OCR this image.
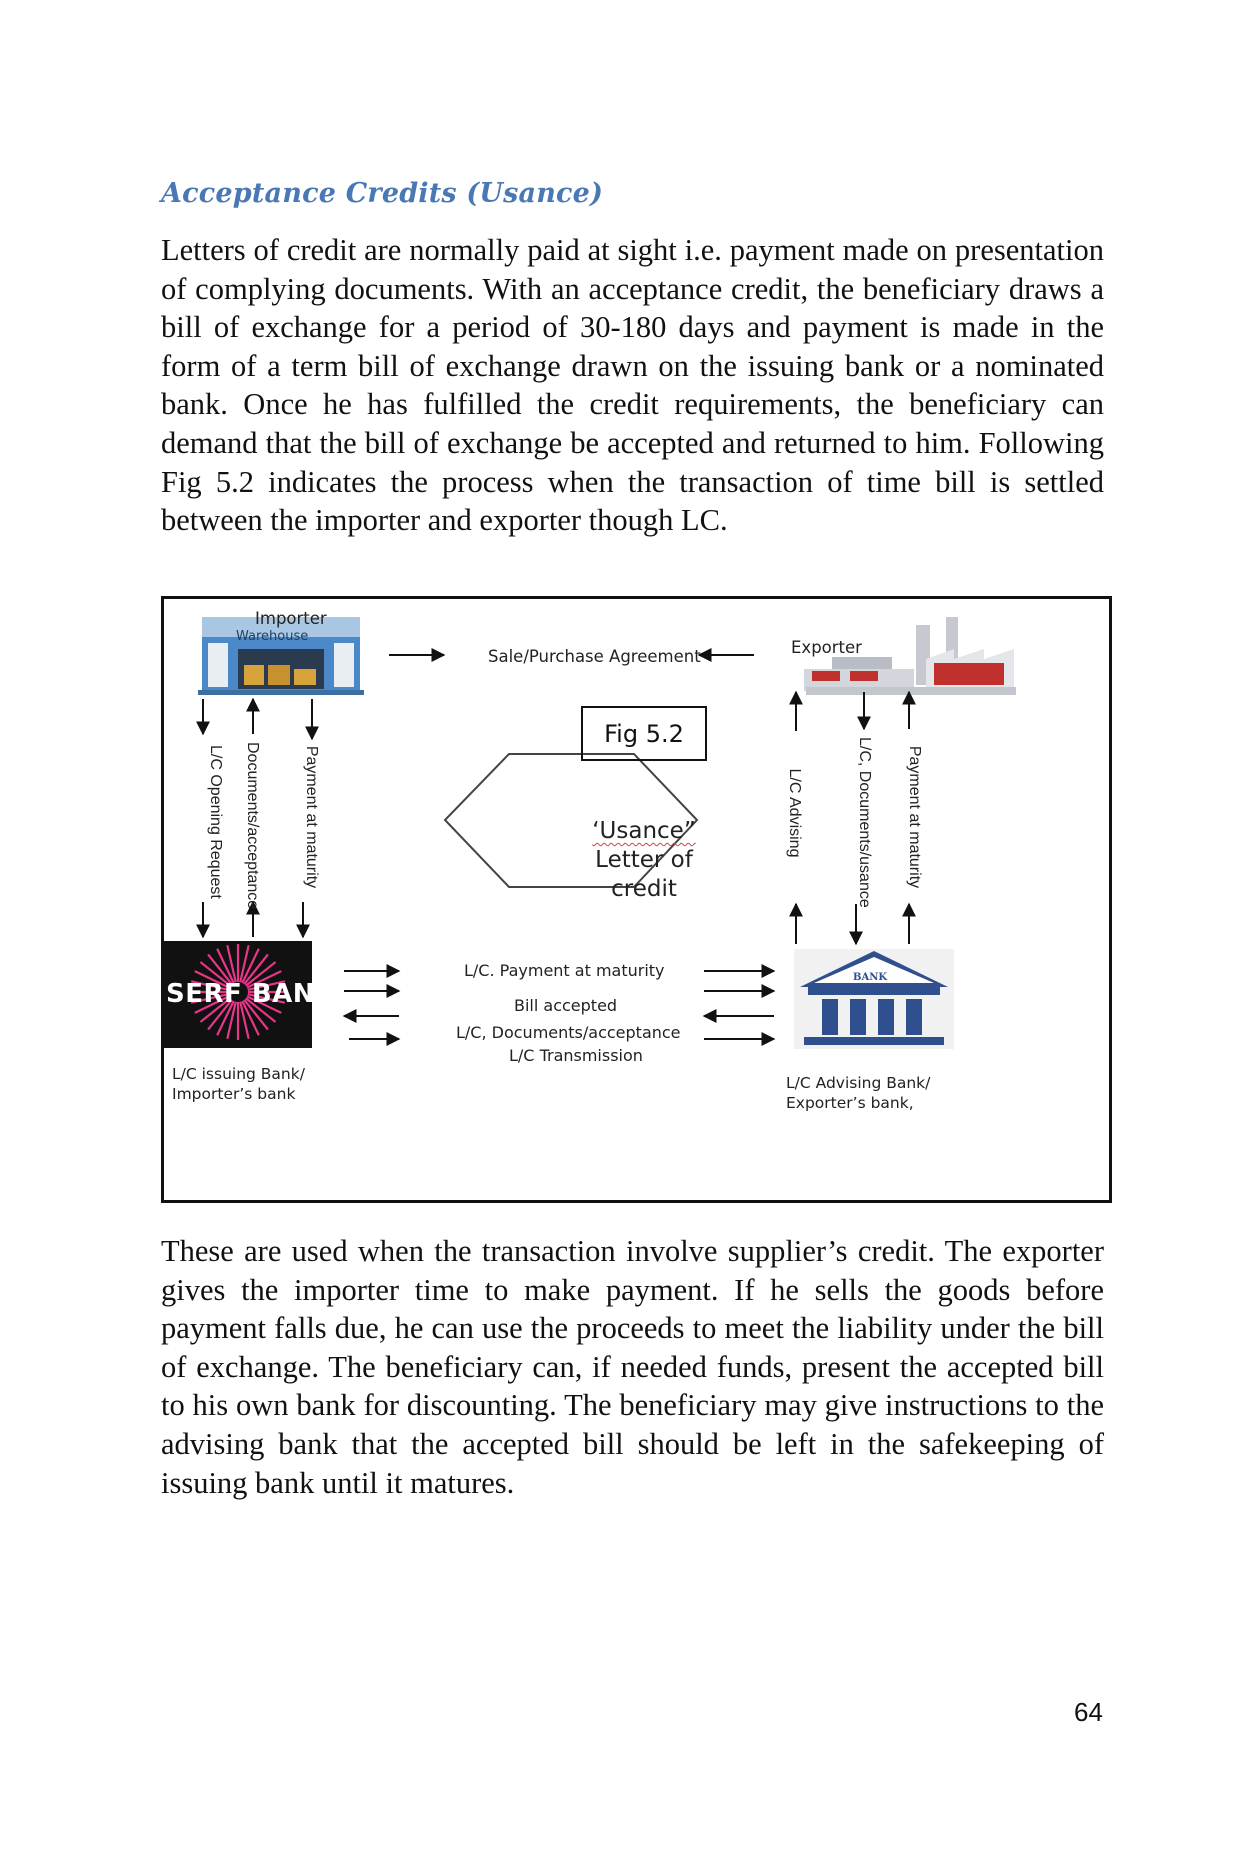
Acceptance Credits (Usance)

Letters of credit are normally paid at sight i.e. payment made on presentation of complying documents. With an acceptance credit, the beneficiary draws a bill of exchange for a period of 30-180 days and payment is made in the form of a term bill of exchange drawn on the issuing bank or a nominated bank. Once he has fulfilled the credit requirements, the beneficiary can demand that the bill of exchange be accepted and returned to him. Following Fig 5.2 indicates the process when the transaction of time bill is settled between the importer and exporter though LC.

Importer
Warehouse
Exporter
Sale/Purchase Agreement
Fig 5.2
‘Usance”
Letter of
credit
L/C Opening Request Documents/acceptance	Payment at maturity	L/C Advising	L/C, Documents/usance Payment at maturity
L/C. Payment at maturity
Bill accepted
L/C, Documents/acceptance
L/C Transmission
SERF BANK
BANK
L/C issuing Bank/
Importer’s bank
L/C Advising Bank/
Exporter’s bank,

These are used when the transaction involve supplier’s credit. The exporter gives the importer time to make payment. If he sells the goods before payment falls due, he can use the proceeds to meet the liability under the bill of exchange. The beneficiary can, if needed funds, present the accepted bill to his own bank for discounting. The beneficiary may give instructions to the advising bank that the accepted bill should be left in the safekeeping of issuing bank until it matures.

64
